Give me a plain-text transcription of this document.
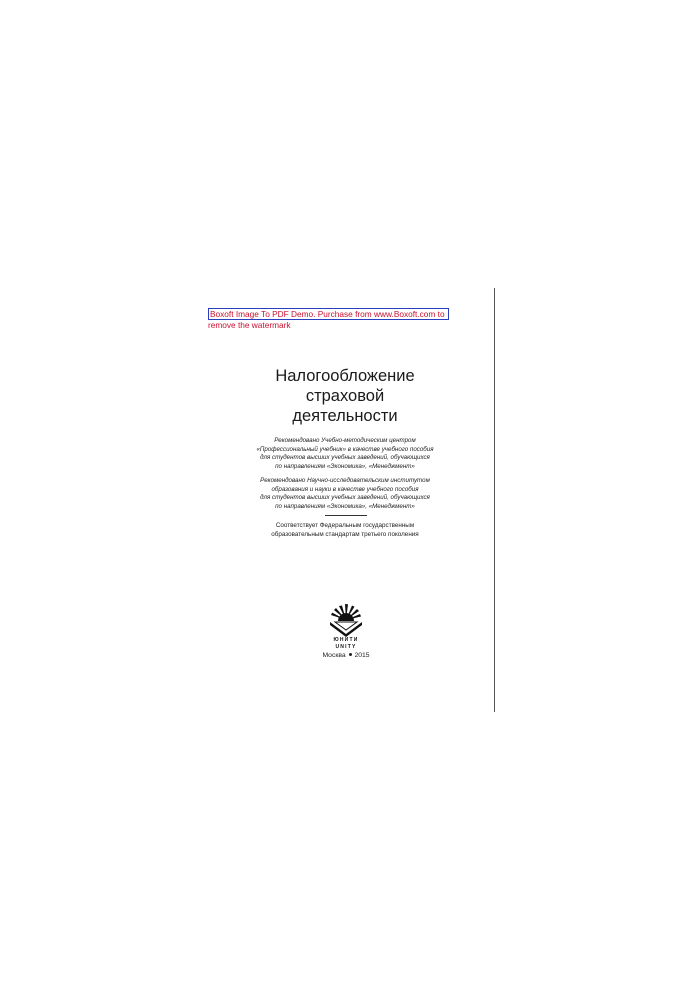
Boxoft Image To PDF Demo. Purchase from www.Boxoft.com to
remove the watermark
Налогообложение
страховой
деятельности
Рекомендовано Учебно-методическим центром
«Профессиональный учебник» в качестве учебного пособия
для студентов высших учебных заведений, обучающихся
по направлениям «Экономика», «Менеджмент»
Рекомендовано Научно-исследовательским институтом
образования и науки в качестве учебного пособия
для студентов высших учебных заведений, обучающихся
по направлениям «Экономика», «Менеджмент»
Соответствует Федеральным государственным
образовательным стандартам третьего поколения
ЮНИТИ
UNITY
Москва 2015
